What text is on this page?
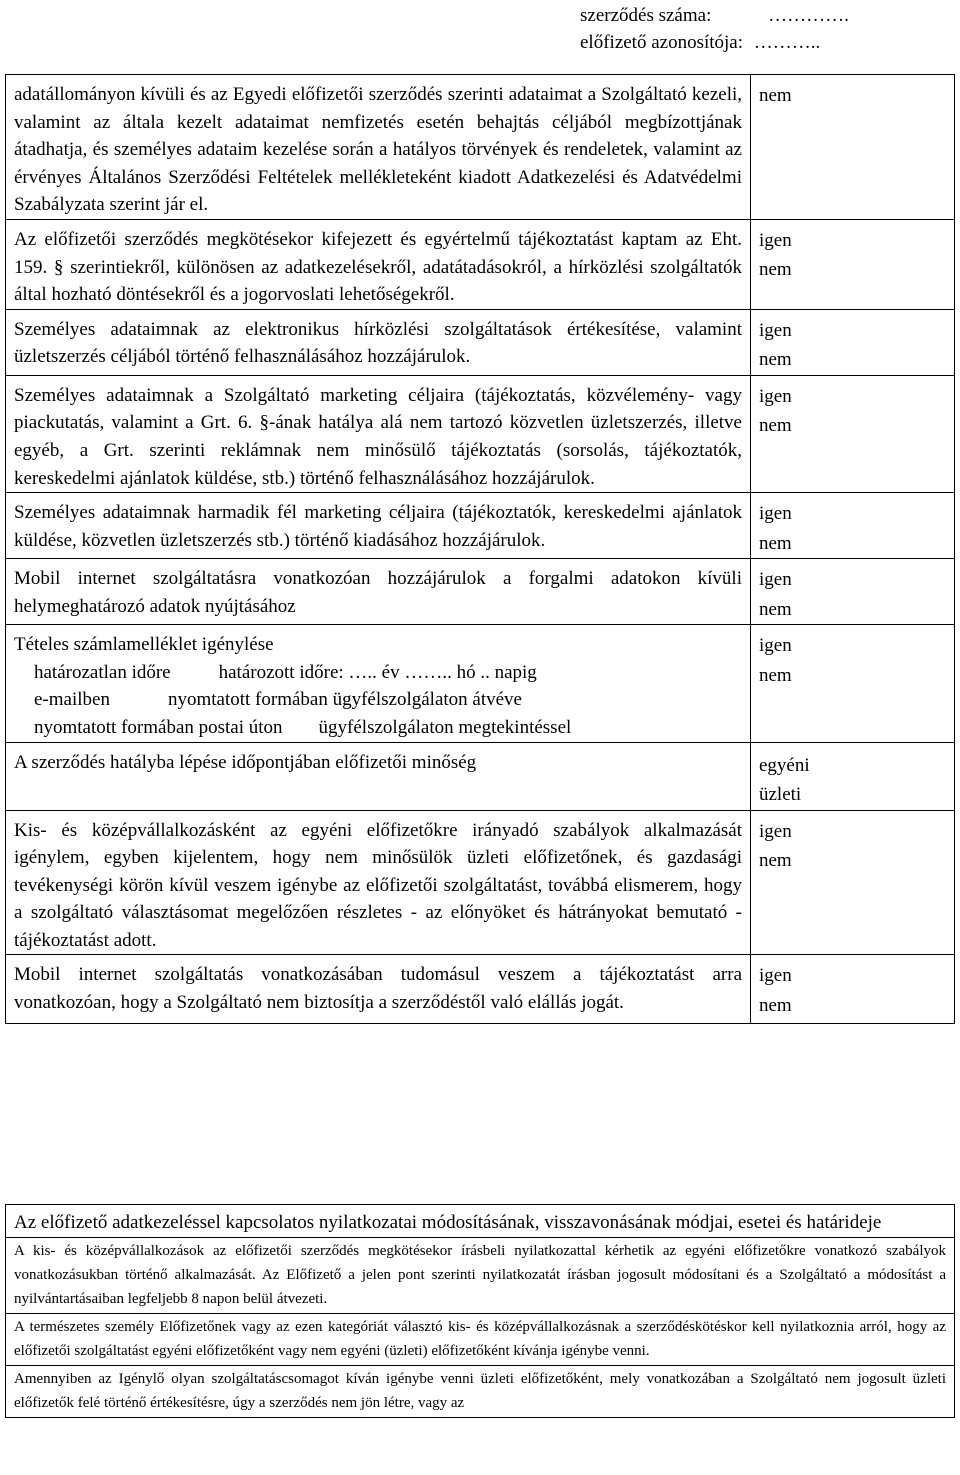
szerződés száma:	………….
előfizető azonosítója: ………..
adatállományon kívüli és az Egyedi előfizetői szerződés szerinti adataimat a Szolgáltató kezeli, valamint az általa kezelt adataimat nemfizetés esetén behajtás céljából megbízottjának átadhatja, és személyes adataim kezelése során a hatályos törvények és rendeletek, valamint az érvényes Általános Szerződési Feltételek mellékleteként kiadott Adatkezelési és Adatvédelmi Szabályzata szerint jár el.	nem

Az előfizetői szerződés megkötésekor kifejezett és egyértelmű tájékoztatást kaptam az Eht. 159. § szerintiekről, különösen az adatkezelésekről, adatátadásokról, a hírközlési szolgáltatók által hozható döntésekről és a jogorvoslati lehetőségekről.	igen
nem

Személyes adataimnak az elektronikus hírközlési szolgáltatások értékesítése, valamint üzletszerzés céljából történő felhasználásához hozzájárulok.	igen
nem

Személyes adataimnak a Szolgáltató marketing céljaira (tájékoztatás, közvélemény- vagy piackutatás, valamint a Grt. 6. §-ának hatálya alá nem tartozó közvetlen üzletszerzés, illetve egyéb, a Grt. szerinti reklámnak nem minősülő tájékoztatás (sorsolás, tájékoztatók, kereskedelmi ajánlatok küldése, stb.) történő felhasználásához hozzájárulok.	igen
nem

Személyes adataimnak harmadik fél marketing céljaira (tájékoztatók, kereskedelmi ajánlatok küldése, közvetlen üzletszerzés stb.) történő kiadásához hozzájárulok.	igen
nem

Mobil internet szolgáltatásra vonatkozóan hozzájárulok a forgalmi adatokon kívüli helymeghatározó adatok nyújtásához	igen
nem

Tételes számlamelléklet igénylése
határozatlan időre határozott időre: ….. év …….. hó .. napig
e-mailben nyomtatott formában ügyfélszolgálaton átvéve
nyomtatott formában postai úton ügyfélszolgálaton megtekintéssel	igen
nem

A szerződés hatályba lépése időpontjában előfizetői minőség	egyéni
üzleti

Kis- és középvállalkozásként az egyéni előfizetőkre irányadó szabályok alkalmazását igénylem, egyben kijelentem, hogy nem minősülök üzleti előfizetőnek, és gazdasági tevékenységi körön kívül veszem igénybe az előfizetői szolgáltatást, továbbá elismerem, hogy a szolgáltató választásomat megelőzően részletes - az előnyöket és hátrányokat bemutató - tájékoztatást adott.	igen
nem

Mobil internet szolgáltatás vonatkozásában tudomásul veszem a tájékoztatást arra vonatkozóan, hogy a Szolgáltató nem biztosítja a szerződéstől való elállás jogát.	igen
nem
Az előfizető adatkezeléssel kapcsolatos nyilatkozatai módosításának, visszavonásának módjai, esetei és határideje
A kis- és középvállalkozások az előfizetői szerződés megkötésekor írásbeli nyilatkozattal kérhetik az egyéni előfizetőkre vonatkozó szabályok vonatkozásukban történő alkalmazását. Az Előfizető a jelen pont szerinti nyilatkozatát írásban jogosult módosítani és a Szolgáltató a módosítást a nyilvántartásaiban legfeljebb 8 napon belül átvezeti.
A természetes személy Előfizetőnek vagy az ezen kategóriát választó kis- és középvállalkozásnak a szerződéskötéskor kell nyilatkoznia arról, hogy az előfizetői szolgáltatást egyéni előfizetőként vagy nem egyéni (üzleti) előfizetőként kívánja igénybe venni.
Amennyiben az Igénylő olyan szolgáltatáscsomagot kíván igénybe venni üzleti előfizetőként, mely vonatkozában a Szolgáltató nem jogosult üzleti előfizetők felé történő értékesítésre, úgy a szerződés nem jön létre, vagy az
